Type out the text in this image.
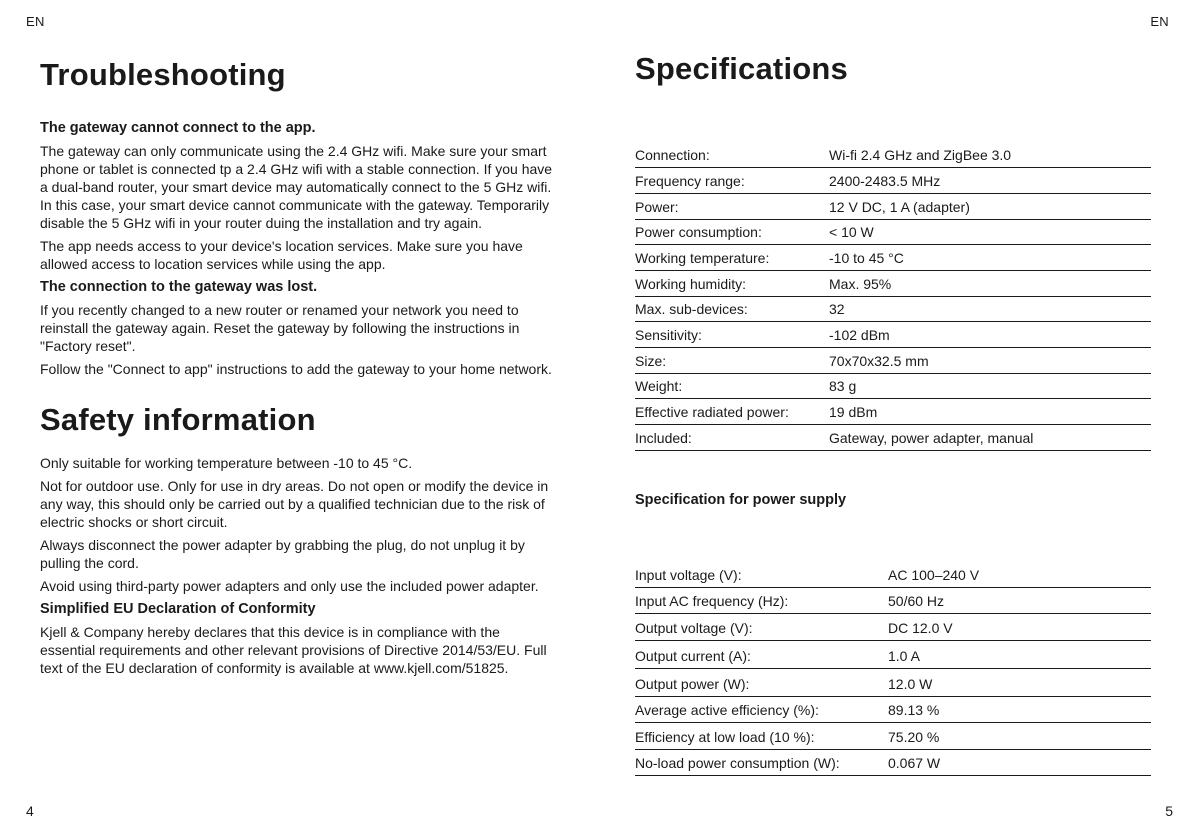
EN	EN
Troubleshooting
The gateway cannot connect to the app.

The gateway can only communicate using the 2.4 GHz wifi. Make sure your smart phone or tablet is connected tp a 2.4 GHz wifi with a stable connection. If you have a dual-band router, your smart device may automatically connect to the 5 GHz wifi. In this case, your smart device cannot communicate with the gateway. Temporarily disable the 5 GHz wifi in your router duing the installation and try again.

The app needs access to your device's location services. Make sure you have allowed access to location services while using the app.

The connection to the gateway was lost.

If you recently changed to a new router or renamed your network you need to reinstall the gateway again. Reset the gateway by following the instructions in "Factory reset".

Follow the "Connect to app" instructions to add the gateway to your home network.

Safety information

Only suitable for working temperature between -10 to 45 °C.

Not for outdoor use. Only for use in dry areas. Do not open or modify the device in any way, this should only be carried out by a qualified technician due to the risk of electric shocks or short circuit.

Always disconnect the power adapter by grabbing the plug, do not unplug it by pulling the cord.

Avoid using third-party power adapters and only use the included power adapter.

Simplified EU Declaration of Conformity

Kjell & Company hereby declares that this device is in compliance with the essential requirements and other relevant provisions of Directive 2014/53/EU. Full text of the EU declaration of conformity is available at www.kjell.com/51825.

Specifications
Connection:	Wi-fi 2.4 GHz and ZigBee 3.0
Frequency range:	2400-2483.5 MHz
Power:	12 V DC, 1 A (adapter)
Power consumption:	< 10 W
Working temperature:	-10 to 45 °C
Working humidity:	Max. 95%
Max. sub-devices:	32
Sensitivity:	-102 dBm
Size:	70x70x32.5 mm
Weight:	83 g
Effective radiated power:	19 dBm
Included:	Gateway, power adapter, manual
Specification for power supply
Input voltage (V):	AC 100–240 V
Input AC frequency (Hz):	50/60 Hz
Output voltage (V):	DC 12.0 V
Output current (A):	1.0 A
Output power (W):	12.0 W
Average active efficiency (%):	89.13 %
Efficiency at low load (10 %):	75.20 %
No-load power consumption (W):	0.067 W
4	5
